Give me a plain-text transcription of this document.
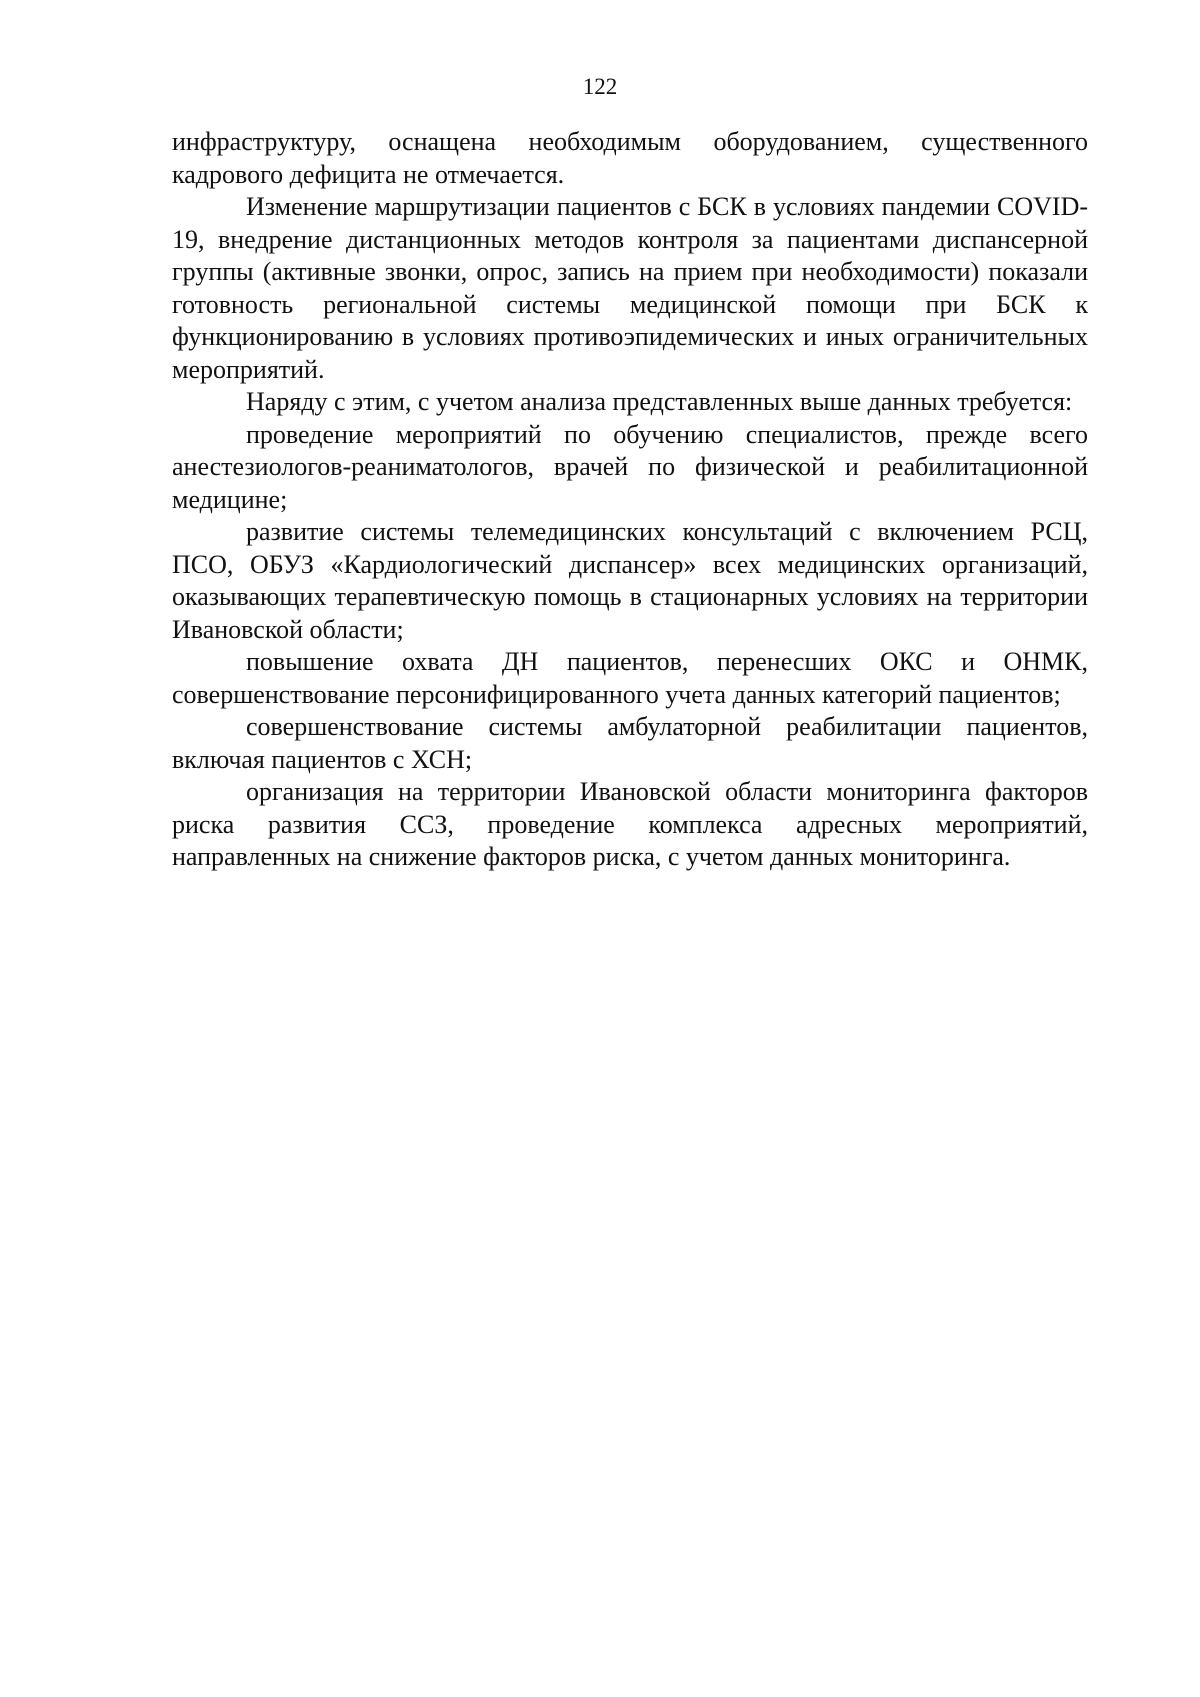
122

инфраструктуру, оснащена необходимым оборудованием, существенного кадрового дефицита не отмечается.

Изменение маршрутизации пациентов с БСК в условиях пандемии COVID-19, внедрение дистанционных методов контроля за пациентами диспансерной группы (активные звонки, опрос, запись на прием при необходимости) показали готовность региональной системы медицинской помощи при БСК к функционированию в условиях противоэпидемических и иных ограничительных мероприятий.

Наряду с этим, с учетом анализа представленных выше данных требуется:

проведение мероприятий по обучению специалистов, прежде всего анестезиологов-реаниматологов, врачей по физической и реабилитационной медицине;

развитие системы телемедицинских консультаций с включением РСЦ, ПСО, ОБУЗ «Кардиологический диспансер» всех медицинских организаций, оказывающих терапевтическую помощь в стационарных условиях на территории Ивановской области;

повышение охвата ДН пациентов, перенесших ОКС и ОНМК, совершенствование персонифицированного учета данных категорий пациентов;

совершенствование системы амбулаторной реабилитации пациентов, включая пациентов с ХСН;

организация на территории Ивановской области мониторинга факторов риска развития ССЗ, проведение комплекса адресных мероприятий, направленных на снижение факторов риска, с учетом данных мониторинга.
